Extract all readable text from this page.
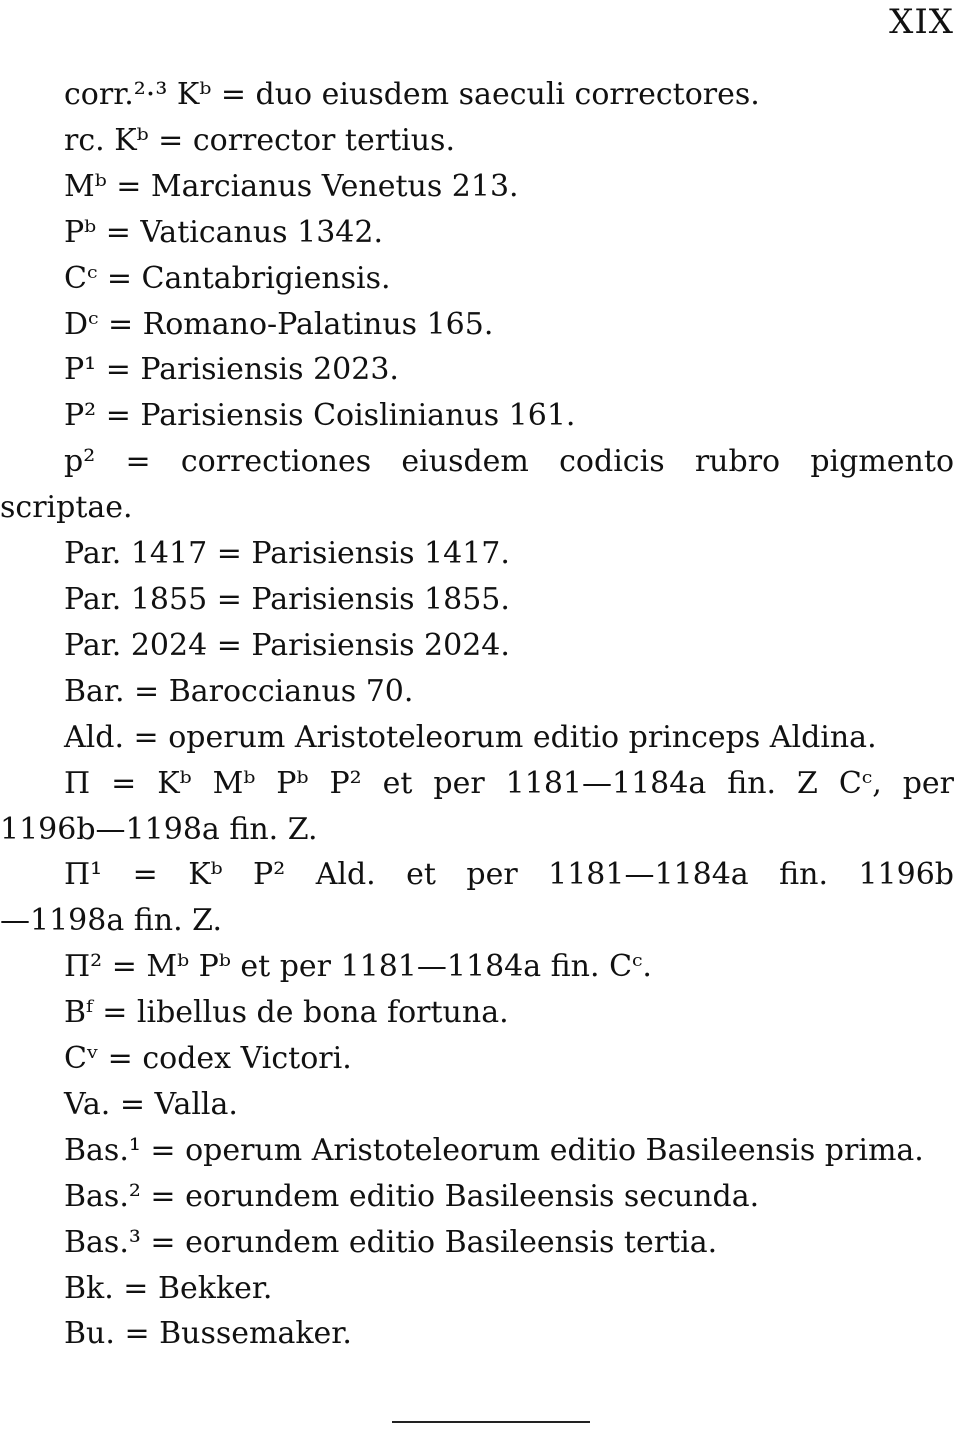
XIX
corr.²·³ Kᵇ = duo eiusdem saeculi correctores.
rc. Kᵇ = corrector tertius.
Mᵇ = Marcianus Venetus 213.
Pᵇ = Vaticanus 1342.
Cᶜ = Cantabrigiensis.
Dᶜ = Romano-Palatinus 165.
P¹ = Parisiensis 2023.
P² = Parisiensis Coislinianus 161.
p² = correctiones eiusdem codicis rubro pigmento
scriptae.
Par. 1417 = Parisiensis 1417.
Par. 1855 = Parisiensis 1855.
Par. 2024 = Parisiensis 2024.
Bar. = Baroccianus 70.
Ald. = operum Aristoteleorum editio princeps Aldina.
Π = Kᵇ Mᵇ Pᵇ P² et per 1181—1184a fin. Z Cᶜ, per
1196b—1198a fin. Z.
Π¹ = Kᵇ P² Ald. et per 1181—1184a fin. 1196b
—1198a fin. Z.
Π² = Mᵇ Pᵇ et per 1181—1184a fin. Cᶜ.
Bᶠ = libellus de bona fortuna.
Cᵛ = codex Victori.
Va. = Valla.
Bas.¹ = operum Aristoteleorum editio Basileensis prima.
Bas.² = eorundem editio Basileensis secunda.
Bas.³ = eorundem editio Basileensis tertia.
Bk. = Bekker.
Bu. = Bussemaker.
